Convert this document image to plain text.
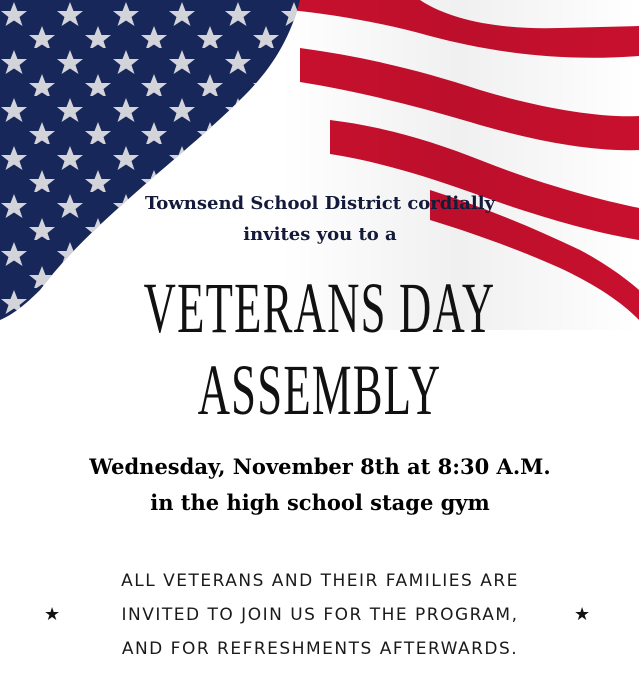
Townsend School District cordially
invites you to a
VETERANS DAY
ASSEMBLY
Wednesday, November 8th at 8:30 A.M.
in the high school stage gym
★
ALL VETERANS AND THEIR FAMILIES ARE
INVITED TO JOIN US FOR THE PROGRAM,
AND FOR REFRESHMENTS AFTERWARDS.
★
